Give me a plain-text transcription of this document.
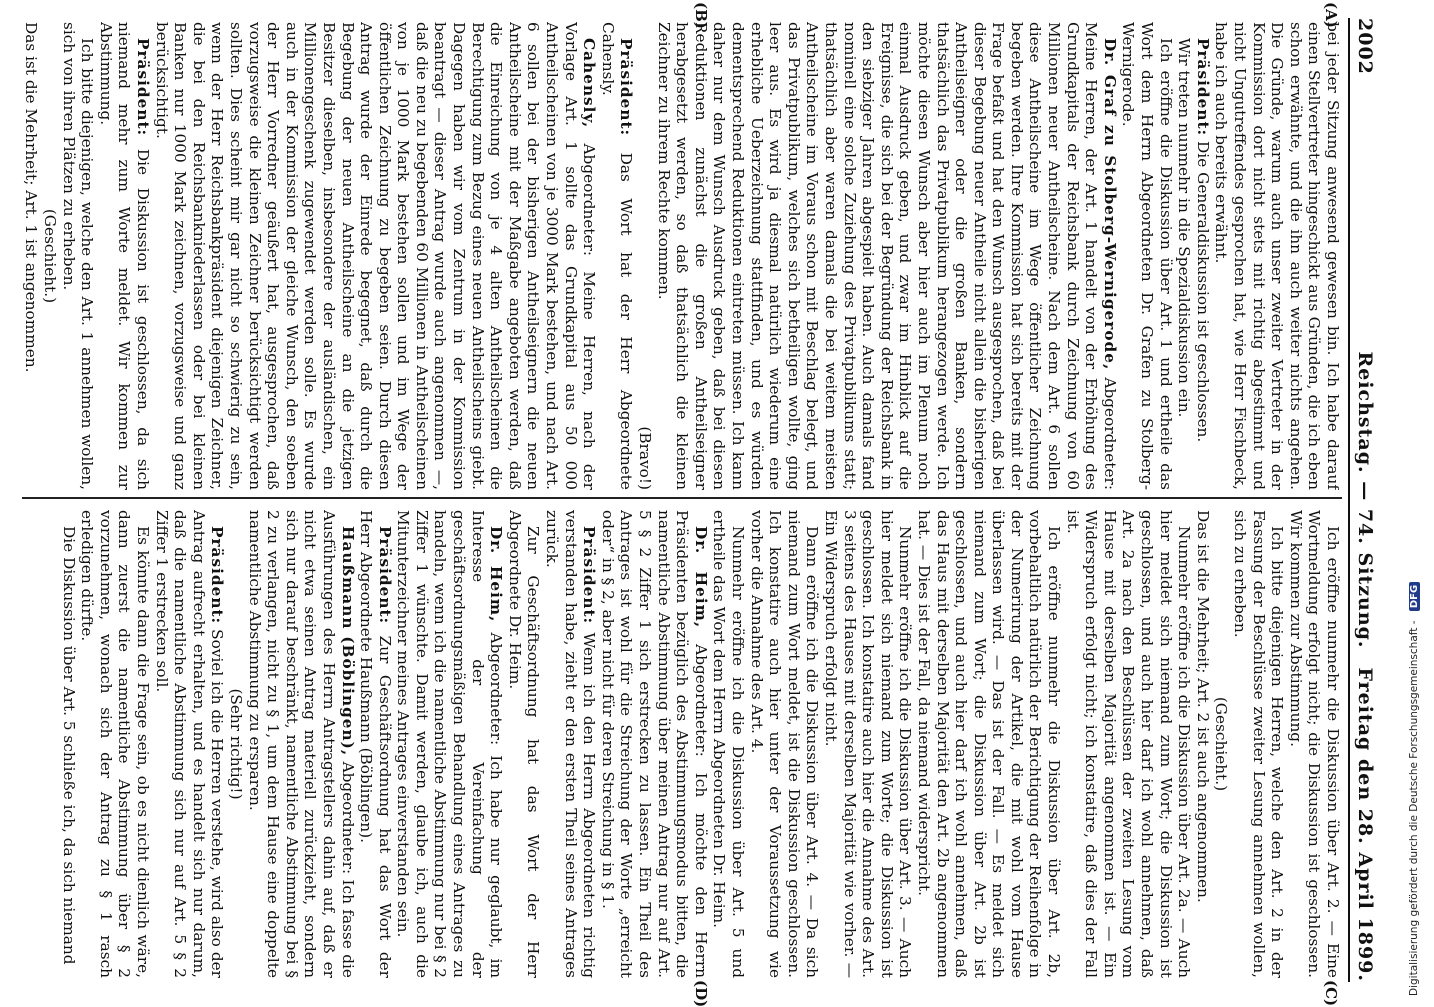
2002
Reichstag. — 74. Sitzung.
Freitag den 28. April 1899.
(A)
(B)
(C)
(D)

bei jeder Sitzung anwesend gewesen bin. Ich habe darauf einen Stellvertreter hingeschickt aus Gründen, die ich eben schon erwähnte, und die ihn auch weiter nichts angehen. Die Gründe, warum auch unser zweiter Vertreter in der Kommission dort nicht stets mit richtig abgestimmt und nicht Ungutreffendes gesprochen hat, wie Herr Fischbeck, habe ich auch bereits erwähnt.

Präsident: Die Generaldiskussion ist geschlossen.

Wir treten nunmehr in die Spezialdiskussion ein.

Ich eröffne die Diskussion über Art. 1 und ertheile das Wort dem Herrn Abgeordneten Dr. Grafen zu Stolberg-Wernigerode.

Dr. Graf zu Stolberg-Wernigerode, Abgeordneter: Meine Herren, der Art. 1 handelt von der Erhöhung des Grundkapitals der Reichsbank durch Zeichnung von 60 Millionen neuer Antheilscheine. Nach dem Art. 6 sollen diese Antheilscheine im Wege öffentlicher Zeichnung begeben werden. Ihre Kommission hat sich bereits mit der Frage befaßt und hat den Wunsch ausgesprochen, daß bei dieser Begebung neuer Antheile nicht allein die bisherigen Antheilseigner oder die großen Banken, sondern thatsächlich das Privatpublikum herangezogen werde. Ich möchte diesen Wunsch aber hier auch im Plenum noch einmal Ausdruck geben, und zwar im Hinblick auf die Ereignisse, die sich bei der Begründung der Reichsbank in den siebziger Jahren abgespielt haben. Auch damals fand nominell eine solche Zuziehung des Privatpublikums statt; thatsächlich aber waren damals die bei weitem meisten Antheilscheine im Voraus schon mit Beschlag belegt, und das Privatpublikum, welches sich betheiligen wollte, ging leer aus. Es wird ja diesmal natürlich wiederum eine erhebliche Ueberzeichnung stattfinden, und es würden dementsprechend Reduktionen eintreten müssen. Ich kann daher nur dem Wunsch Ausdruck geben, daß bei diesen Reduktionen zunächst die großen Antheilseigner herabgesetzt werden, so daß thatsächlich die kleinen Zeichner zu ihrem Rechte kommen.

(Bravo!)

Präsident: Das Wort hat der Herr Abgeordnete Cahensly.

Cahensly, Abgeordneter: Meine Herren, nach der Vorlage Art. 1 sollte das Grundkapital aus 50 000 Antheilscheinen von je 3000 Mark bestehen, und nach Art. 6 sollen bei der bisherigen Antheilseignern die neuen Antheilscheine mit der Maßgabe angeboten werden, daß die Einreichung von je 4 alten Antheilscheinen die Berechtigung zum Bezug eines neuen Antheilscheins giebt. Dagegen haben wir vom Zentrum in der Kommission beantragt — dieser Antrag wurde auch angenommen —, daß die neu zu begebenden 60 Millionen in Antheilscheinen von je 1000 Mark bestehen sollen und im Wege der öffentlichen Zeichnung zu begeben seien. Durch diesen Antrag wurde der Einrede begegnet, daß durch die Begebung der neuen Antheilscheine an die jetzigen Besitzer dieselben, insbesondere der ausländischen, ein Millionengeschenk zugewendet werden solle. Es wurde auch in der Kommission der gleiche Wunsch, den soeben der Herr Vorredner geäußert hat, ausgesprochen, daß vorzugsweise die kleinen Zeichner berücksichtigt werden sollten. Dies scheint mir gar nicht so schwierig zu sein, wenn der Herr Reichsbankpräsident diejenigen Zeichner, die bei den Reichsbankniederlassen oder bei kleinen Banken nur 1000 Mark zeichnen, vorzugsweise und ganz berücksichtigt.

Präsident: Die Diskussion ist geschlossen, da sich niemand mehr zum Worte meldet. Wir kommen zur Abstimmung.

Ich bitte diejenigen, welche den Art. 1 annehmen wollen, sich von ihren Plätzen zu erheben.

(Geschieht.)

Das ist die Mehrheit; Art. 1 ist angenommen.

Ich eröffne nunmehr die Diskussion über Art. 2. — Eine Wortmeldung erfolgt nicht; die Diskussion ist geschlossen. Wir kommen zur Abstimmung.

Ich bitte diejenigen Herren, welche den Art. 2 in der Fassung der Beschlüsse zweiter Lesung annehmen wollen, sich zu erheben.

(Geschieht.)

Das ist die Mehrheit; Art. 2 ist auch angenommen.

Nunmehr eröffne ich die Diskussion über Art. 2a. — Auch hier meldet sich niemand zum Wort; die Diskussion ist geschlossen, und auch hier darf ich wohl annehmen, daß Art. 2a nach den Beschlüssen der zweiten Lesung vom Hause mit derselben Majorität angenommen ist. — Ein Widerspruch erfolgt nicht; ich konstatire, daß dies der Fall ist.

Ich eröffne nunmehr die Diskussion über Art. 2b, vorbehaltlich natürlich der Berichtigung der Reihenfolge in der Numerirung der Artikel, die mit wohl vom Hause überlassen wird. — Das ist der Fall. — Es meldet sich niemand zum Wort; die Diskussion über Art. 2b ist geschlossen, und auch hier darf ich wohl annehmen, daß das Haus mit derselben Majorität den Art. 2b angenommen hat. — Dies ist der Fall, da niemand widerspricht.

Nunmehr eröffne ich die Diskussion über Art. 3. — Auch hier meldet sich niemand zum Worte; die Diskussion ist geschlossen. Ich konstatire auch hier die Annahme des Art. 3 seitens des Hauses mit derselben Majorität wie vorher. — Ein Widerspruch erfolgt nicht.

Dann eröffne ich die Diskussion über Art. 4. — Da sich niemand zum Wort meldet, ist die Diskussion geschlossen. Ich konstatire auch hier unter der Voraussetzung wie vorher die Annahme des Art. 4.

Nunmehr eröffne ich die Diskussion über Art. 5 und ertheile das Wort dem Herrn Abgeordneten Dr. Heim.

Dr. Heim, Abgeordneter: Ich möchte den Herrn Präsidenten bezüglich des Abstimmungsmodus bitten, die namentliche Abstimmung über meinen Antrag nur auf Art. 5 § 2 Ziffer 1 sich erstrecken zu lassen. Ein Theil des Antrages ist wohl für die Streichung der Worte „erreicht oder“ in § 2, aber nicht für deren Streichung in § 1.

Präsident: Wenn ich den Herrn Abgeordneten richtig verstanden habe, zieht er den ersten Theil seines Antrages zurück.

Zur Geschäftsordnung hat das Wort der Herr Abgeordnete Dr. Heim.

Dr. Heim, Abgeordneter: Ich habe nur geglaubt, im Interesse der Vereinfachung der geschäftsordnungsmäßigen Behandlung eines Antrages zu handeln, wenn ich die namentliche Abstimmung nur bei § 2 Ziffer 1 wünschte. Damit werden, glaube ich, auch die Mitunterzeichner meines Antrages einverstanden sein.

Präsident: Zur Geschäftsordnung hat das Wort der Herr Abgeordnete Haußmann (Böblingen).

Haußmann (Böblingen), Abgeordneter: Ich fasse die Ausführungen des Herrn Antragstellers dahin auf, daß er nicht etwa seinen Antrag materiell zurückzieht, sondern sich nur darauf beschränkt, namentliche Abstimmung bei § 2 zu verlangen, nicht zu § 1, um dem Hause eine doppelte namentliche Abstimmung zu ersparen.

(Sehr richtig!)

Präsident: Soviel ich die Herren verstehe, wird also der Antrag aufrecht erhalten, und es handelt sich nur darum, daß die namentliche Abstimmung sich nur auf Art. 5 § 2 Ziffer 1 erstrecken soll.

Es könnte dann die Frage sein, ob es nicht dienlich wäre, dann zuerst die namentliche Abstimmung über § 2 vorzunehmen, wonach sich der Antrag zu § 1 rasch erledigen dürfte.

Die Diskussion über Art. 5 schließe ich, da sich niemand	Digitalisierung gefördert durch die Deutsche Forschungsgemeinschaft - DFG
